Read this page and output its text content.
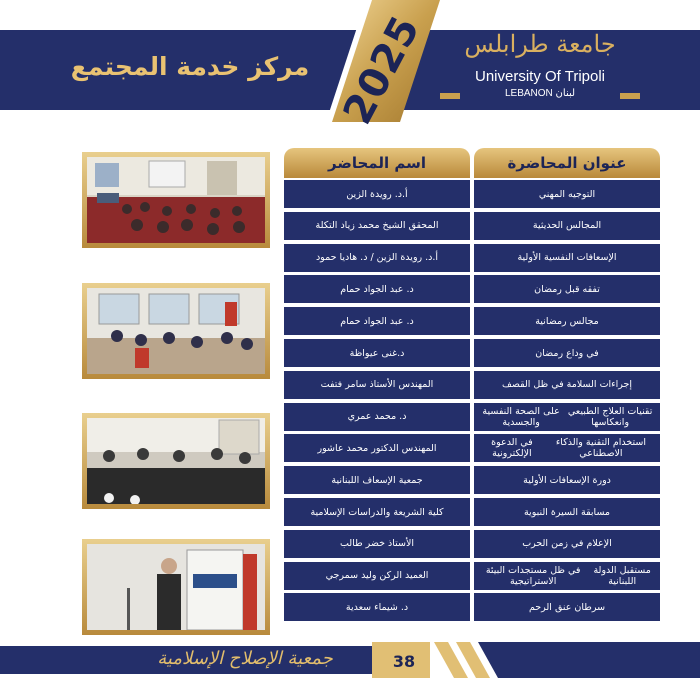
2025
مركز خدمة المجتمع
جامعة طرابلس
University Of Tripoli
LEBANON لبنان
عنوان المحاضرة
اسم المحاضر
التوجيه المهني
أ.د. رويدة الزين
المجالس الحديثية
المحقق الشيخ محمد زياد التكلة
الإسعافات النفسية الأولية
أ.د. رويدة الزين / د. هاديا حمود
تفقه قبل رمضان
د. عبد الجواد حمام
مجالس رمضانية
د. عبد الجواد حمام
في وداع رمضان
د.غنى عيواظة
إجراءات السلامة في ظل القصف
المهندس الأستاذ سامر فتفت
تقنيات العلاج الطبيعي وانعكاسها
على الصحة النفسية والجسدية
د. محمد عمري
استخدام التقنية والذكاء الاصطناعي
في الدعوة الإلكترونية
المهندس الدكتور محمد عاشور
دورة الإسعافات الأولية
جمعية الإسعاف اللبنانية
مسابقة السيرة النبوية
كلية الشريعة والدراسات الإسلامية
الإعلام في زمن الحرب
الأستاذ خضر طالب
مستقبل الدولة اللبنانية
في ظل مستجدات البيئة الاستراتيجية
العميد الركن وليد سمرجي
سرطان عنق الرحم
د. شيماء سعدية
جمعية الإصلاح الإسلامية	38
